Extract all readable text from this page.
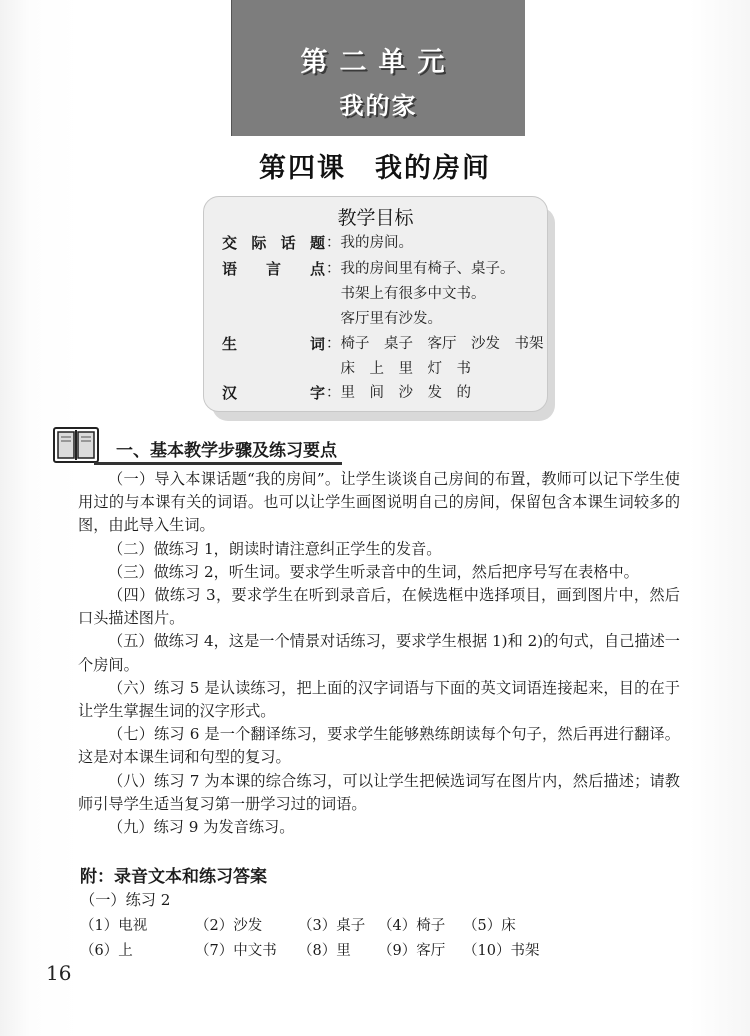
第二单元
我的家
第四课　我的房间
教学目标
交际话题 ：我的房间。
语言点 ：我的房间里有椅子、桌子。
　书架上有很多中文书。
　客厅里有沙发。
生词 ：椅子　桌子　客厅　沙发　书架
　床　上　里　灯　书
汉字 ：里　间　沙　发　的
一、基本教学步骤及练习要点

（一）导入本课话题“我的房间”。让学生谈谈自己房间的布置，教师可以记下学生使用过的与本课有关的词语。也可以让学生画图说明自己的房间，保留包含本课生词较多的图，由此导入生词。

（二）做练习 1，朗读时请注意纠正学生的发音。

（三）做练习 2，听生词。要求学生听录音中的生词，然后把序号写在表格中。

（四）做练习 3，要求学生在听到录音后，在候选框中选择项目，画到图片中，然后口头描述图片。

（五）做练习 4，这是一个情景对话练习，要求学生根据 1)和 2)的句式，自己描述一个房间。

（六）练习 5 是认读练习，把上面的汉字词语与下面的英文词语连接起来，目的在于让学生掌握生词的汉字形式。

（七）练习 6 是一个翻译练习，要求学生能够熟练朗读每个句子，然后再进行翻译。这是对本课生词和句型的复习。

（八）练习 7 为本课的综合练习，可以让学生把候选词写在图片内，然后描述；请教师引导学生适当复习第一册学习过的词语。

（九）练习 9 为发音练习。

附：录音文本和练习答案
（一）练习 2
（1）电视	（2）沙发 （3）桌子 （4）椅子 （5）床
（6）上	（7）中文书 （8）里 （9）客厅 （10）书架
16
